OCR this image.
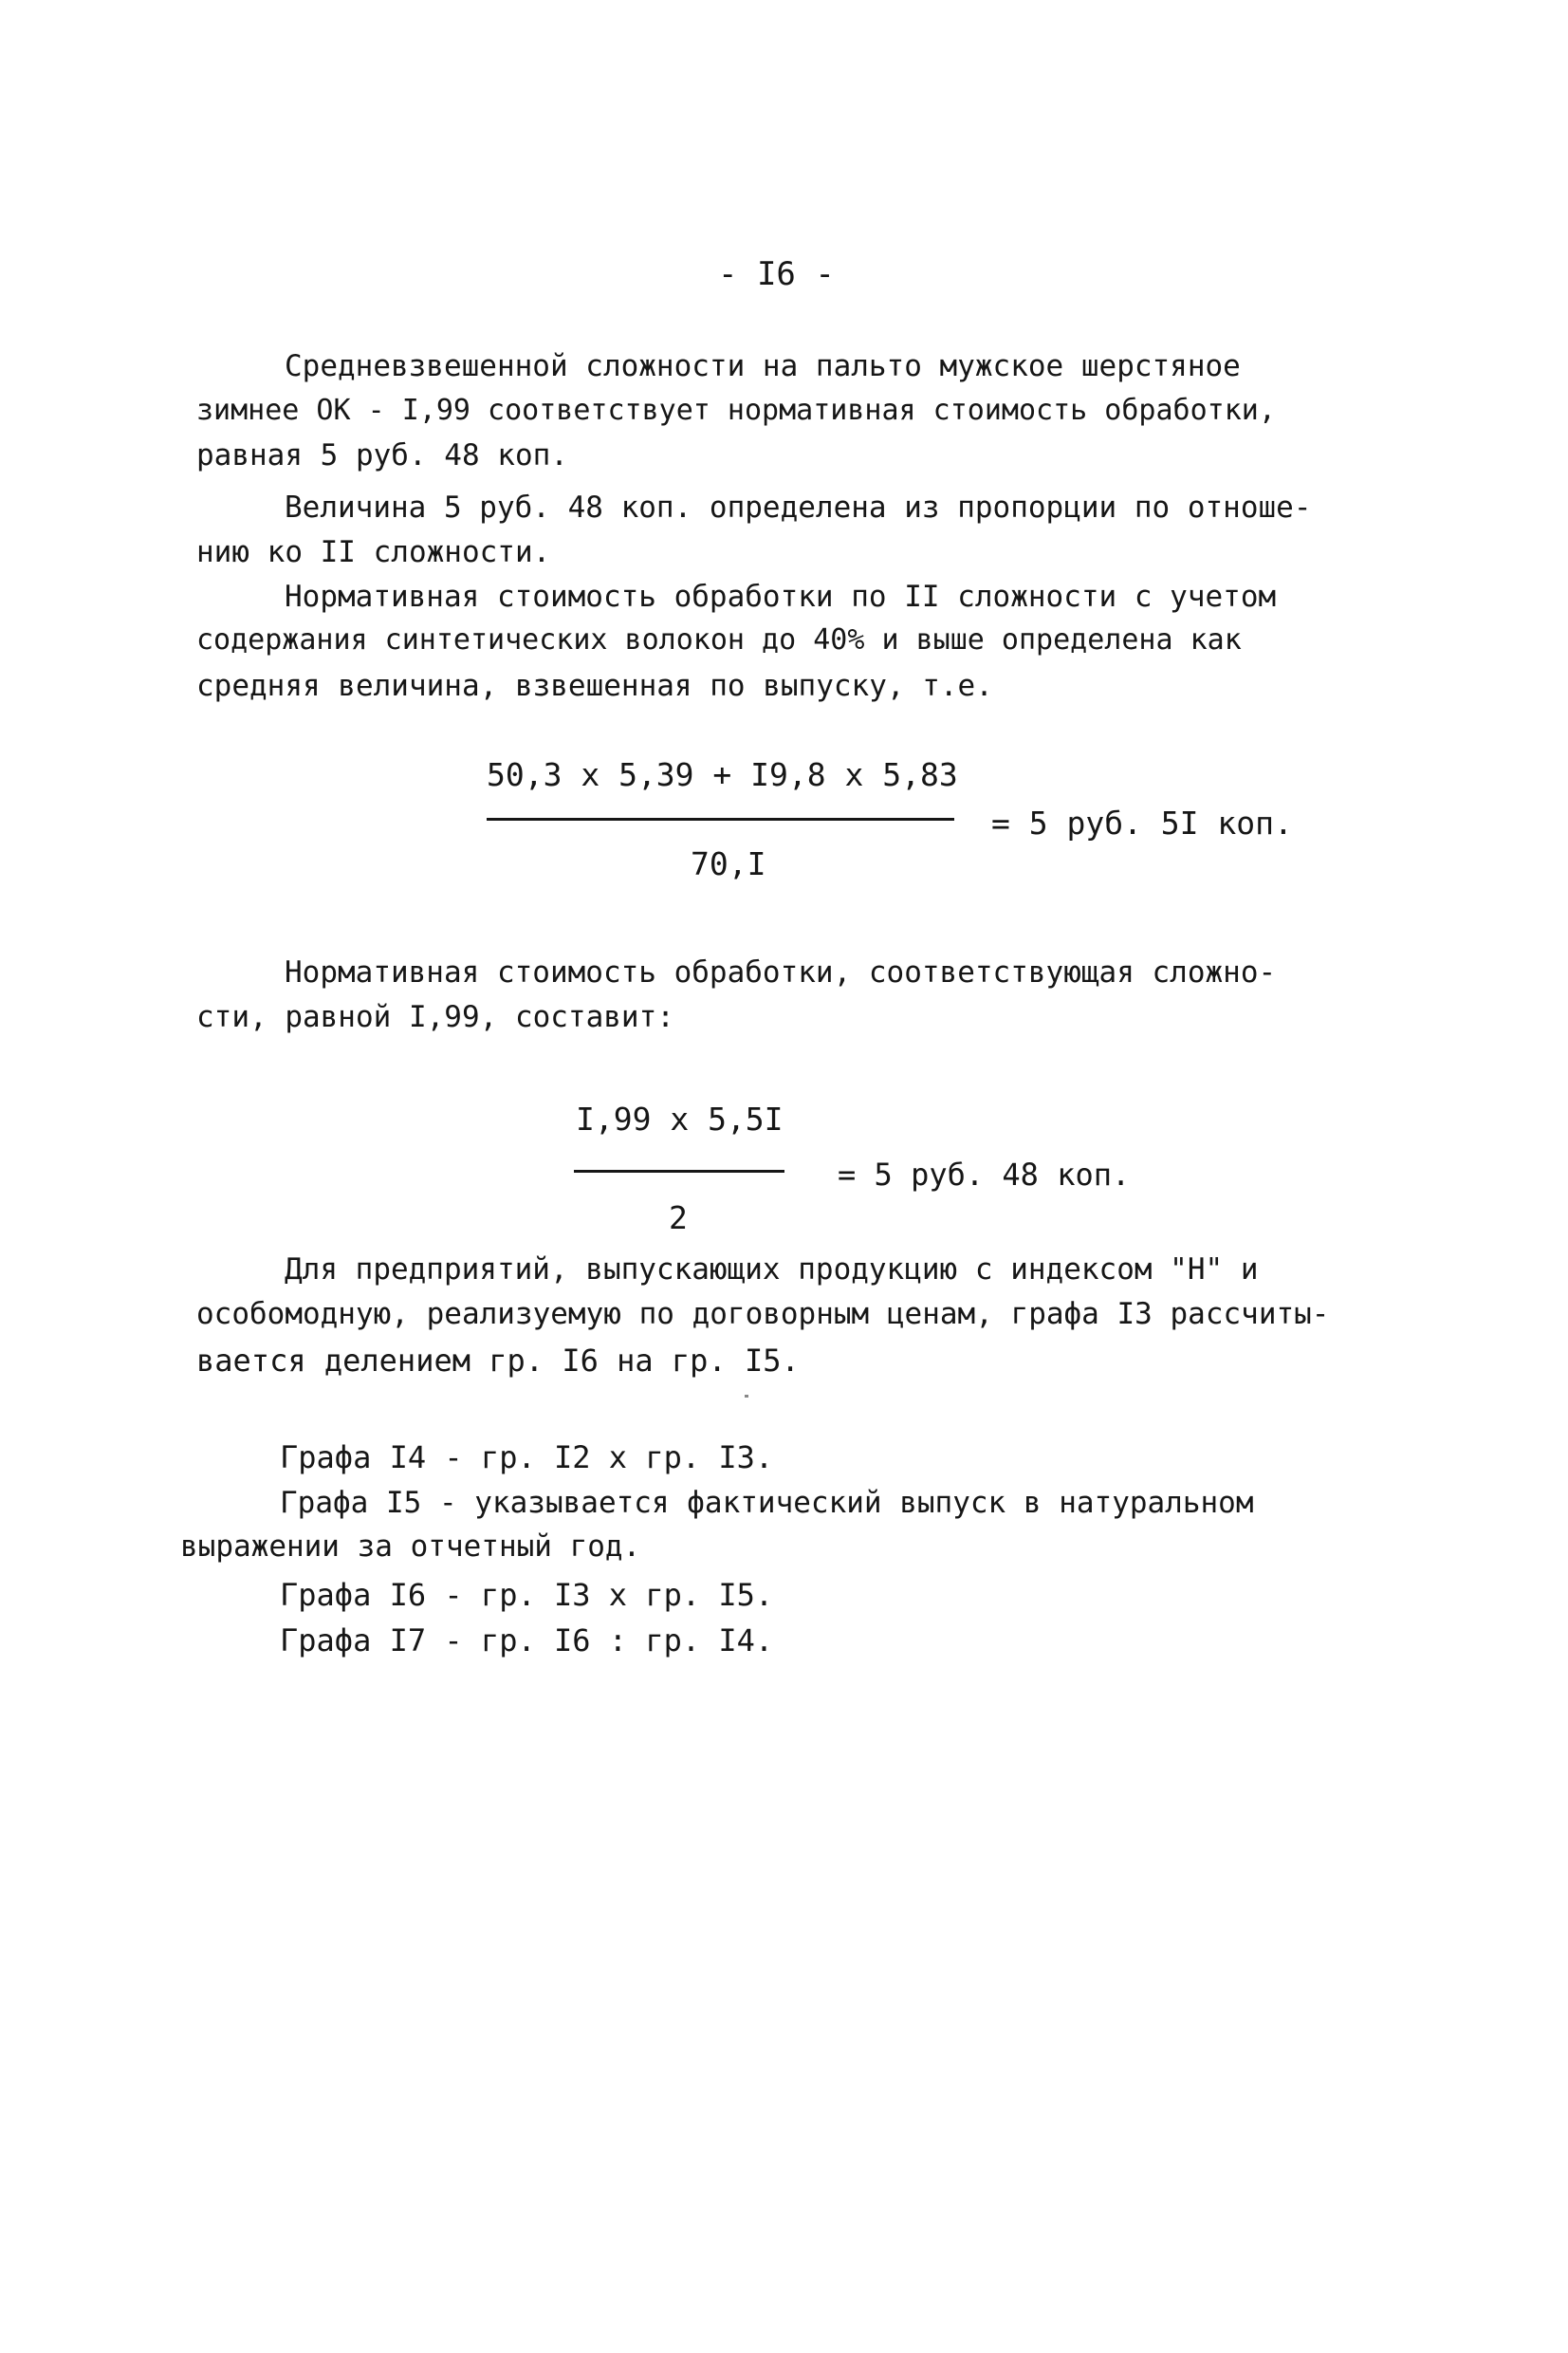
- I6 -
Средневзвешенной сложности на пальто мужское шерстяное
зимнее ОК - I,99 соответствует нормативная стоимость обработки,
равная 5 руб. 48 коп.
Величина 5 руб. 48 коп. определена из пропорции по отноше-
нию ко II сложности.
Нормативная стоимость обработки по II сложности с учетом
содержания синтетических волокон до 40% и выше определена как
средняя величина, взвешенная по выпуску, т.е.
50,3 х 5,39 + I9,8 х 5,83
= 5 руб. 5I коп.
70,I
Нормативная стоимость обработки, соответствующая сложно-
сти, равной I,99, составит:
I,99 х 5,5I
= 5 руб. 48 коп.
2
Для предприятий, выпускающих продукцию с индексом "Н" и
особомодную, реализуемую по договорным ценам, графа I3 рассчиты-
вается делением гр. I6 на гр. I5.
Графа I4 - гр. I2 х гр. I3.
Графа I5 - указывается фактический выпуск в натуральном
выражении за отчетный год.
Графа I6 - гр. I3 х гр. I5.
Графа I7 - гр. I6 : гр. I4.
